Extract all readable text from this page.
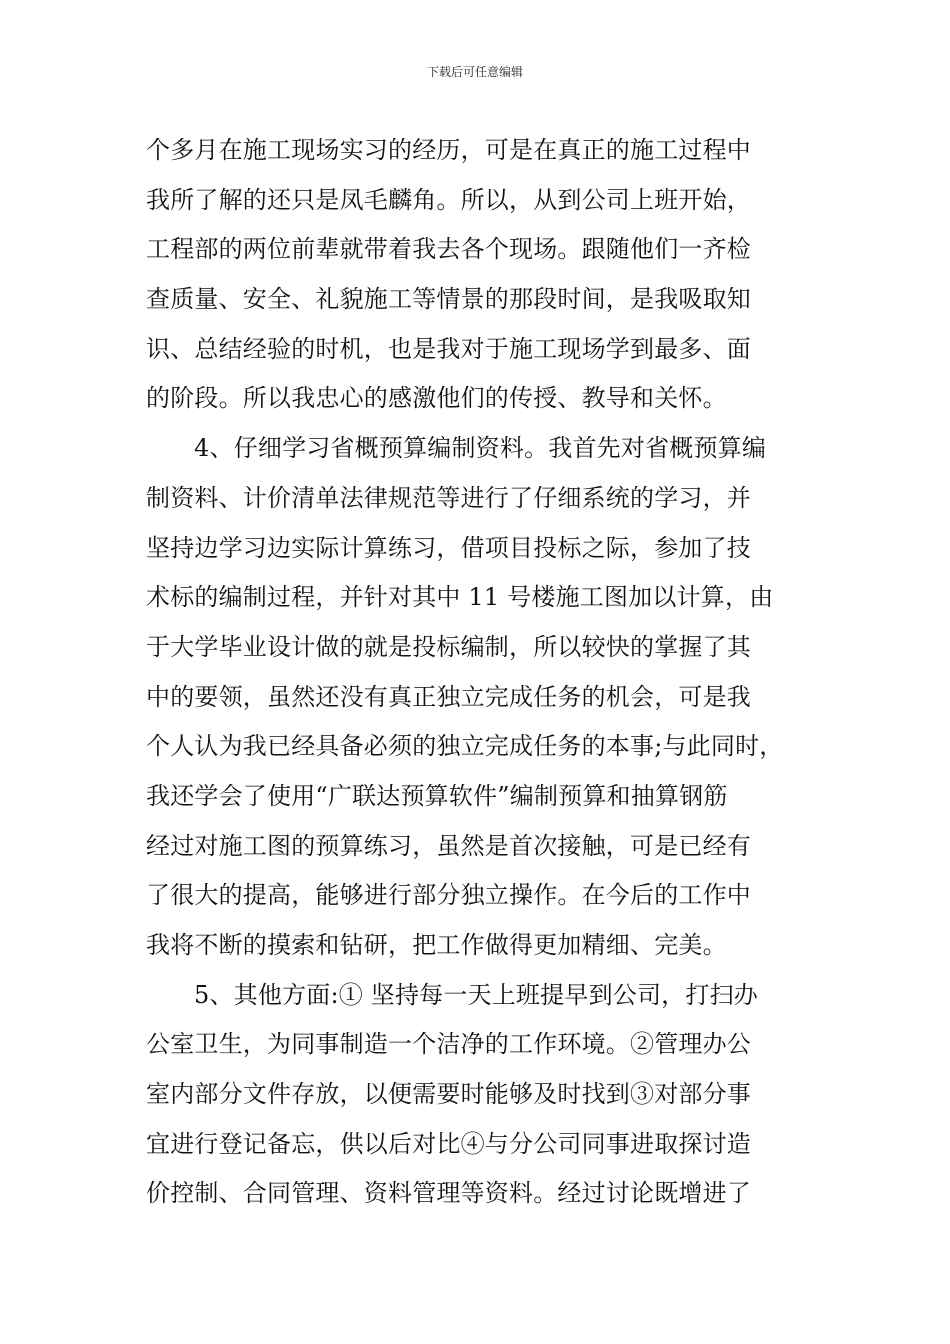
下载后可任意编辑
个多月在施工现场实习的经历，可是在真正的施工过程中
我所了解的还只是凤毛麟角。所以，从到公司上班开始，
工程部的两位前辈就带着我去各个现场。跟随他们一齐检
查质量、安全、礼貌施工等情景的那段时间，是我吸取知
识、总结经验的时机，也是我对于施工现场学到最多、面
的阶段。所以我忠心的感激他们的传授、教导和关怀。
4、仔细学习省概预算编制资料。我首先对省概预算编
制资料、计价清单法律规范等进行了仔细系统的学习，并
坚持边学习边实际计算练习，借项目投标之际，参加了技
术标的编制过程，并针对其中 11 号楼施工图加以计算，由
于大学毕业设计做的就是投标编制，所以较快的掌握了其
中的要领，虽然还没有真正独立完成任务的机会，可是我
个人认为我已经具备必须的独立完成任务的本事;与此同时，
我还学会了使用“广联达预算软件”编制预算和抽算钢筋
经过对施工图的预算练习，虽然是首次接触，可是已经有
了很大的提高，能够进行部分独立操作。在今后的工作中
我将不断的摸索和钻研，把工作做得更加精细、完美。
5、其他方面:① 坚持每一天上班提早到公司，打扫办
公室卫生，为同事制造一个洁净的工作环境。②管理办公
室内部分文件存放，以便需要时能够及时找到③对部分事
宜进行登记备忘，供以后对比④与分公司同事进取探讨造
价控制、合同管理、资料管理等资料。经过讨论既增进了
